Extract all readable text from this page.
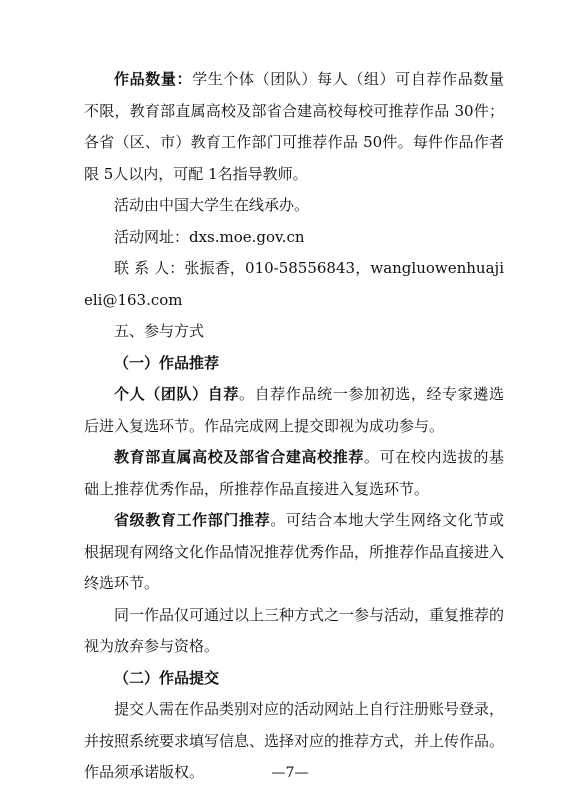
作品数量：学生个体（团队）每人（组）可自荐作品数量不限，教育部直属高校及部省合建高校每校可推荐作品 30件；各省（区、市）教育工作部门可推荐作品 50件。每件作品作者限 5人以内，可配 1名指导教师。

活动由中国大学生在线承办。

活动网址：dxs.moe.gov.cn

联 系 人：张振香，010-58556843，wangluowenhuajieli@163.com

五、参与方式

（一）作品推荐

个人（团队）自荐。自荐作品统一参加初选，经专家遴选后进入复选环节。作品完成网上提交即视为成功参与。

教育部直属高校及部省合建高校推荐。可在校内选拔的基础上推荐优秀作品，所推荐作品直接进入复选环节。

省级教育工作部门推荐。可结合本地大学生网络文化节或根据现有网络文化作品情况推荐优秀作品，所推荐作品直接进入终选环节。

同一作品仅可通过以上三种方式之一参与活动，重复推荐的视为放弃参与资格。

（二）作品提交

提交人需在作品类别对应的活动网站上自行注册账号登录，并按照系统要求填写信息、选择对应的推荐方式，并上传作品。作品须承诺版权。	—7—
